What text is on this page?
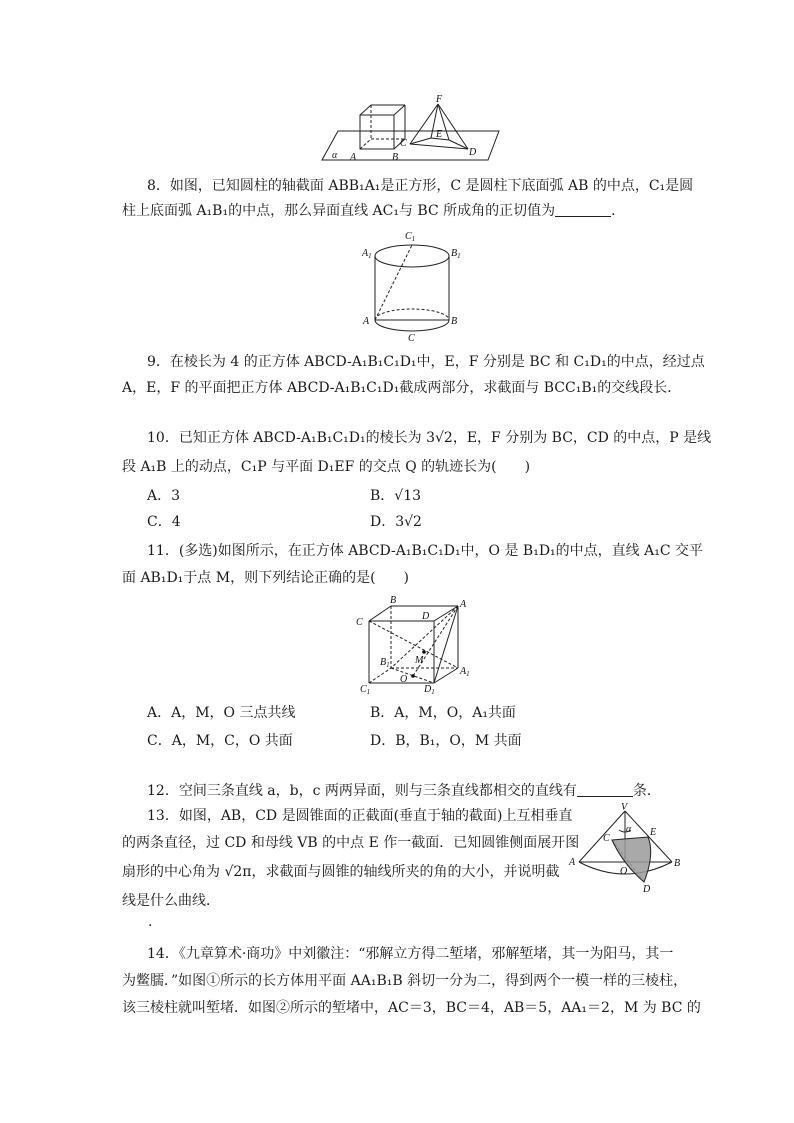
F
E
C
D
A	B
α
8．如图，已知圆柱的轴截面 ABB₁A₁是正方形，C 是圆柱下底面弧 AB 的中点，C₁是圆
柱上底面弧 A₁B₁的中点，那么异面直线 AC₁与 BC 所成角的正切值为	．
$C_1$
$A_1$	$B_1$
A	B
C
9．在棱长为 4 的正方体 ABCD-A₁B₁C₁D₁中，E，F 分别是 BC 和 C₁D₁的中点，经过点
A，E，F 的平面把正方体 ABCD-A₁B₁C₁D₁截成两部分，求截面与 BCC₁B₁的交线段长．
10．已知正方体 ABCD-A₁B₁C₁D₁的棱长为 3√2，E，F 分别为 BC，CD 的中点，P 是线
段 A₁B 上的动点，C₁P 与平面 D₁EF 的交点 Q 的轨迹长为(　　)
A．3	B．√13
C．4	D．3√2
11．(多选)如图所示，在正方体 ABCD-A₁B₁C₁D₁中，O 是 B₁D₁的中点，直线 A₁C 交平
面 AB₁D₁于点 M，则下列结论正确的是(　　)
B
D
A
C
$B_1$	M
$A_1$
O
$C_1$	$D_1$
A．A，M，O 三点共线	B．A，M，O，A₁共面
C．A，M，C，O 共面	D．B，B₁，O，M 共面
12．空间三条直线 a，b，c 两两异面，则与三条直线都相交的直线有	条．
13．如图，AB，CD 是圆锥面的正截面(垂直于轴的截面)上互相垂直
的两条直径，过 CD 和母线 VB 的中点 E 作一截面．已知圆锥侧面展开图
扇形的中心角为 √2π，求截面与圆锥的轴线所夹的角的大小，并说明截
线是什么曲线．
.
V
α
C
E
A
O
B
D
14．《九章算术·商功》中刘徽注：“邪解立方得二堑堵，邪解堑堵，其一为阳马，其一
为鳖臑．”如图①所示的长方体用平面 AA₁B₁B 斜切一分为二，得到两个一模一样的三棱柱，
该三棱柱就叫堑堵．如图②所示的堑堵中，AC＝3，BC＝4，AB＝5，AA₁＝2，M 为 BC 的
